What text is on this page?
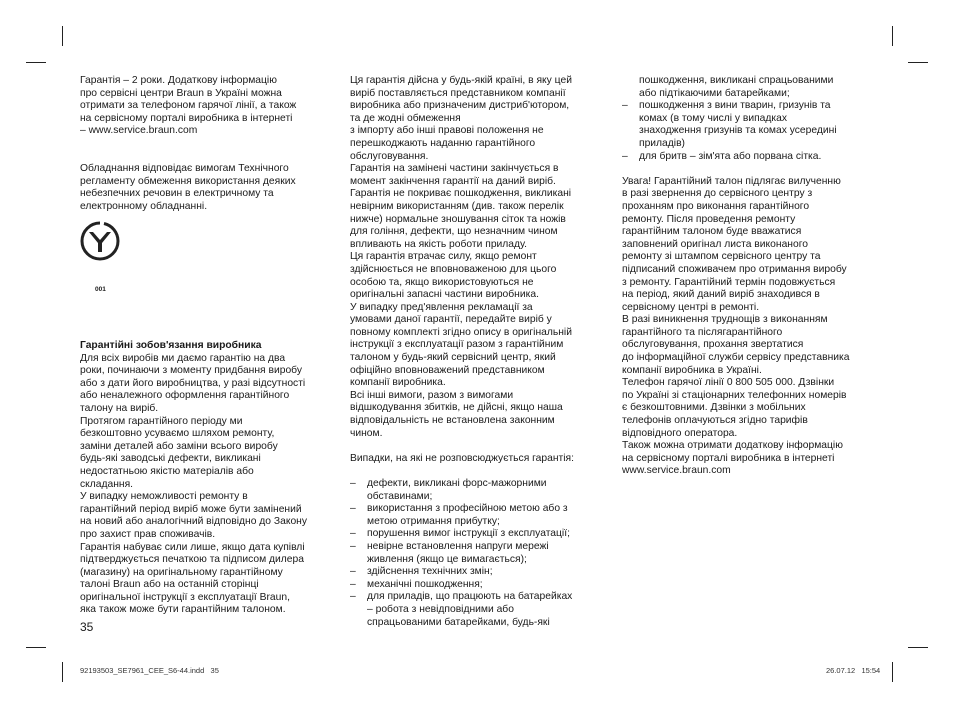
Гарантія – 2 роки. Додаткову інформацію
про сервісні центри Braun в Україні можна
отримати за телефоном гарячої лінії, а також
на сервісному порталі виробника в інтернеті
– www.service.braun.com

Обладнання відповідає вимогам Технічного
регламенту обмеження використання деяких
небезпечних речовин в електричному та
електронному обладнанні.

001

Гарантійні зобов'язання виробника

Для всіх виробів ми даємо гарантію на два
роки, починаючи з моменту придбання виробу
або з дати його виробництва, у разі відсутності
або неналежного оформлення гарантійного
талону на виріб.

Протягом гарантійного періоду ми
безкоштовно усуваємо шляхом ремонту,
заміни деталей або заміни всього виробу
будь-які заводські дефекти, викликані
недостатньою якістю матеріалів або
складання.

У випадку неможливості ремонту в
гарантійний період виріб може бути замінений
на новий або аналогічний відповідно до Закону
про захист прав споживачів.

Гарантія набуває сили лише, якщо дата купівлі
підтверджується печаткою та підписом дилера
(магазину) на оригінальному гарантійному
талоні Braun або на останній сторінці
оригінальної інструкції з експлуатації Braun,
яка також може бути гарантійним талоном.

Ця гарантія дійсна у будь-якій країні, в яку цей
виріб поставляється представником компанії
виробника або призначеним дистриб'ютором,
та де жодні обмеження
з імпорту або інші правові положення не
перешкоджають наданню гарантійного
обслуговування.

Гарантія на замінені частини закінчується в
момент закінчення гарантії на даний виріб.

Гарантія не покриває пошкодження, викликані
невірним використанням (див. також перелік
нижче) нормальне зношування сіток та ножів
для гоління, дефекти, що незначним чином
впливають на якість роботи приладу.

Ця гарантія втрачає силу, якщо ремонт
здійснюється не вповноваженою для цього
особою та, якщо використовуються не
оригінальні запасні частини виробника.

У випадку пред'явлення рекламації за
умовами даної гарантії, передайте виріб у
повному комплекті згідно опису в оригінальній
інструкції з експлуатації разом з гарантійним
талоном у будь-який сервісний центр, який
офіційно вповноважений представником
компанії виробника.

Всі інші вимоги, разом з вимогами
відшкодування збитків, не дійсні, якщо наша
відповідальність не встановлена законним
чином.

Випадки, на які не розповсюджується гарантія:

– дефекти, викликані форс-мажорними
обставинами;
– використання з професійною метою або з
метою отримання прибутку;
– порушення вимог інструкції з експлуатації;
– невірне встановлення напруги мережі
живлення (якщо це вимагається);
– здійснення технічних змін;
– механічні пошкодження;
– для приладів, що працюють на батарейках
– робота з невідповідними або
спрацьованими батарейками, будь-які

пошкодження, викликані спрацьованими
або підтікаючими батарейками;

– пошкодження з вини тварин, гризунів та
комах (в тому числі у випадках
знаходження гризунів та комах усередині
приладів)
– для бритв – зім'ята або порвана сітка.

Увага! Гарантійний талон підлягає вилученню
в разі звернення до сервісного центру з
проханням про виконання гарантійного
ремонту. Після проведення ремонту
гарантійним талоном буде вважатися
заповнений оригінал листа виконаного
ремонту зі штампом сервісного центру та
підписаний споживачем про отримання виробу
з ремонту. Гарантійний термін подовжується
на період, який даний виріб знаходився в
сервісному центрі в ремонті.

В разі виникнення труднощів з виконанням
гарантійного та післягарантійного
обслуговування, прохання звертатися
до інформаційної служби сервісу представника
компанії виробника в Україні.

Телефон гарячої лінії 0 800 505 000. Дзвінки
по Україні зі стаціонарних телефонних номерів
є безкоштовними. Дзвінки з мобільних
телефонів оплачуються згідно тарифів
відповідного оператора.

Також можна отримати додаткову інформацію
на сервісному порталі виробника в інтернеті
www.service.braun.com

35
92193503_SE7961_CEE_S6-44.indd   35	26.07.12   15:54
